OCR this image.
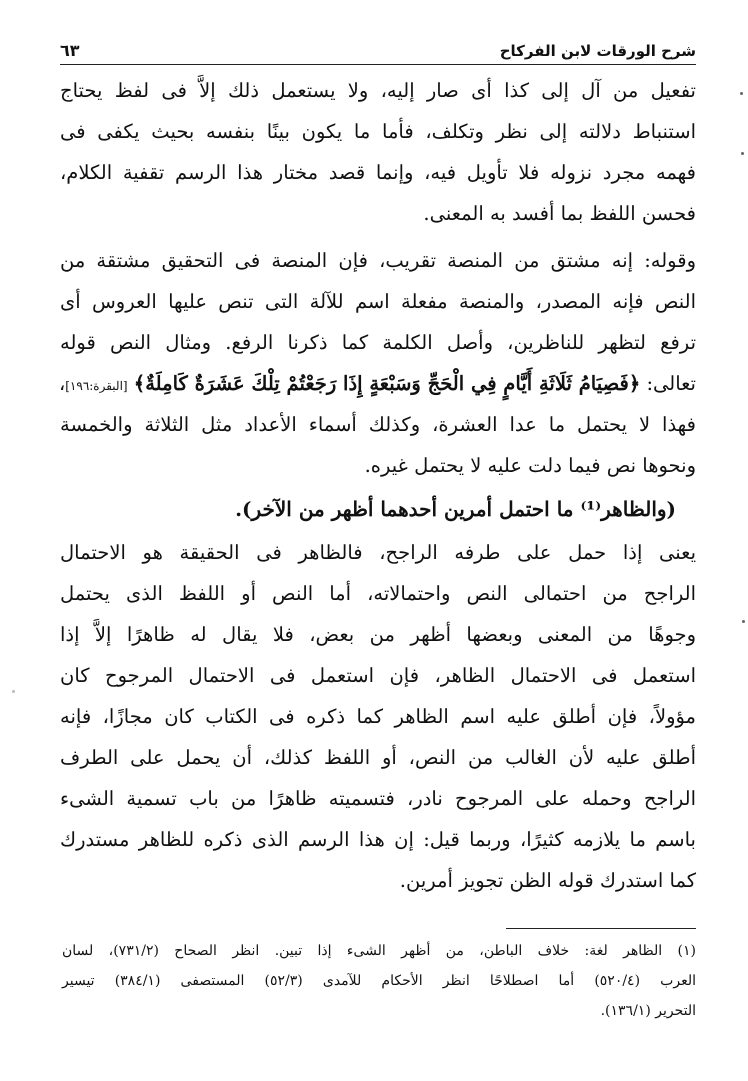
شرح الورقات لابن الفركاح
٦٣
تفعيل من آل إلى كذا أى صار إليه، ولا يستعمل ذلك إلاَّ فى لفظ يحتاج
استنباط دلالته إلى نظر وتكلف، فأما ما يكون بينًا بنفسه بحيث يكفى فى
فهمه مجرد نزوله فلا تأويل فيه، وإنما قصد مختار هذا الرسم تقفية الكلام،
فحسن اللفظ بما أفسد به المعنى.
وقوله: إنه مشتق من المنصة تقريب، فإن المنصة فى التحقيق مشتقة من
النص فإنه المصدر، والمنصة مفعلة اسم للآلة التى تنص عليها العروس أى
ترفع لتظهر للناظرين، وأصل الكلمة كما ذكرنا الرفع. ومثال النص قوله
تعالى: ﴿فَصِيَامُ ثَلَاثَةِ أَيَّامٍ فِي الْحَجِّ وَسَبْعَةٍ إِذَا رَجَعْتُمْ تِلْكَ عَشَرَةٌ كَامِلَةٌ﴾ [البقرة:١٩٦]،
فهذا لا يحتمل ما عدا العشرة، وكذلك أسماء الأعداد مثل الثلاثة والخمسة
ونحوها نص فيما دلت عليه لا يحتمل غيره.
(والظاهر⁽¹⁾ ما احتمل أمرين أحدهما أظهر من الآخر).
يعنى إذا حمل على طرفه الراجح، فالظاهر فى الحقيقة هو الاحتمال
الراجح من احتمالى النص واحتمالاته، أما النص أو اللفظ الذى يحتمل
وجوهًا من المعنى وبعضها أظهر من بعض، فلا يقال له ظاهرًا إلاَّ إذا
استعمل فى الاحتمال الظاهر، فإن استعمل فى الاحتمال المرجوح كان
مؤولاً، فإن أطلق عليه اسم الظاهر كما ذكره فى الكتاب كان مجازًا، فإنه
أطلق عليه لأن الغالب من النص، أو اللفظ كذلك، أن يحمل على الطرف
الراجح وحمله على المرجوح نادر، فتسميته ظاهرًا من باب تسمية الشىء
باسم ما يلازمه كثيرًا، وربما قيل: إن هذا الرسم الذى ذكره للظاهر مستدرك
كما استدرك قوله الظن تجويز أمرين.
(١) الظاهر لغة: خلاف الباطن، من أظهر الشىء إذا تبين. انظر الصحاح (٧٣١/٢)، لسان
العرب (٥٢٠/٤) أما اصطلاحًا انظر الأحكام للآمدى (٥٢/٣) المستصفى (٣٨٤/١) تيسير
التحرير (١٣٦/١).
